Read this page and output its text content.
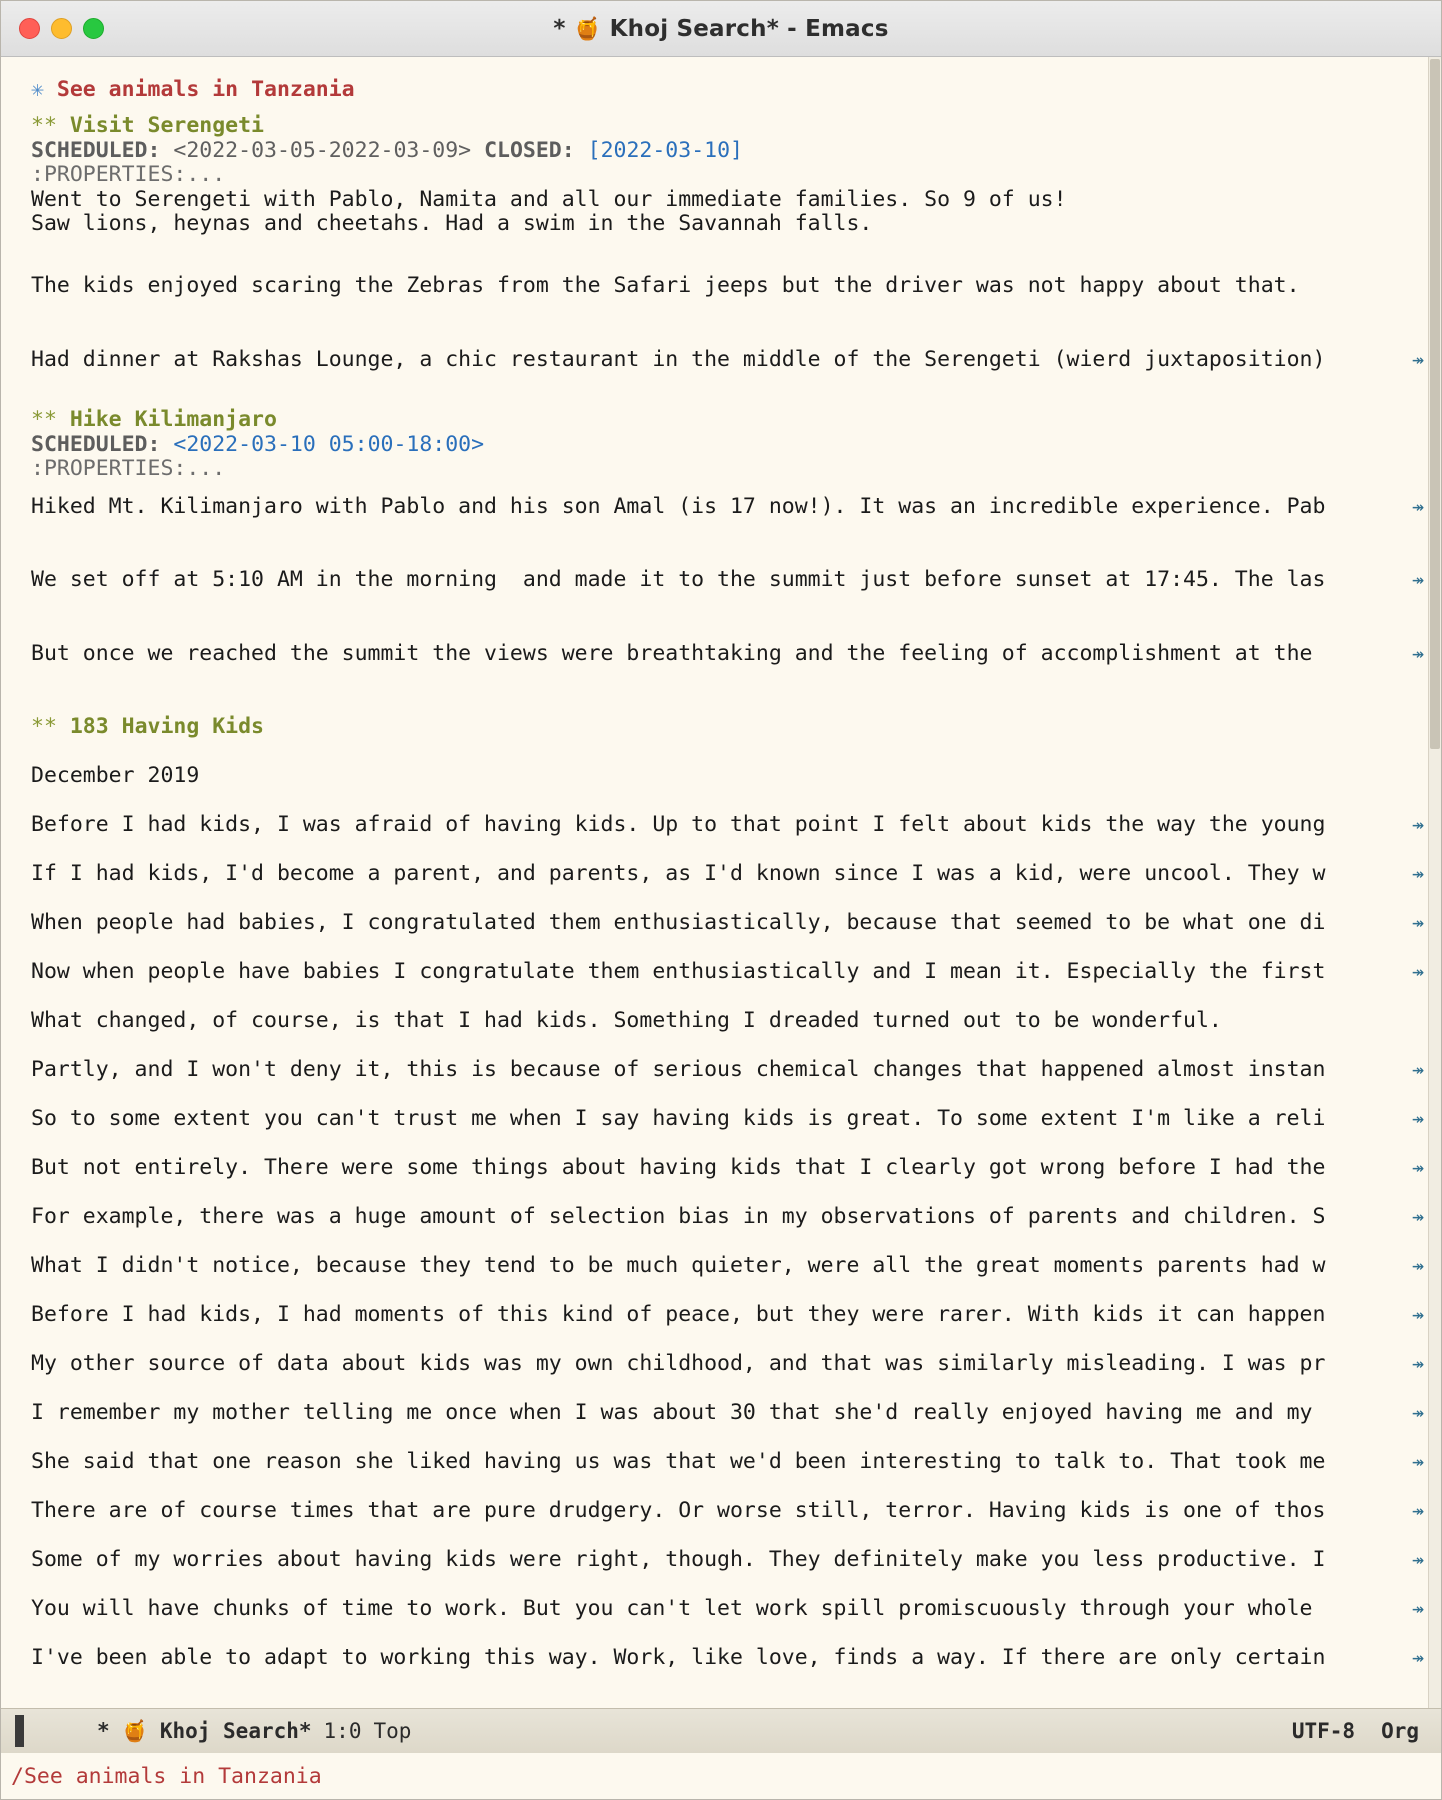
* 🍯 Khoj Search* - Emacs
✳ See animals in Tanzania
** Visit Serengeti
SCHEDULED: <2022-03-05-2022-03-09> CLOSED: [2022-03-10]
:PROPERTIES:...
Went to Serengeti with Pablo, Namita and all our immediate families. So 9 of us!
Saw lions, heynas and cheetahs. Had a swim in the Savannah falls.
The kids enjoyed scaring the Zebras from the Safari jeeps but the driver was not happy about that.
Had dinner at Rakshas Lounge, a chic restaurant in the middle of the Serengeti (wierd juxtaposition) ↠
** Hike Kilimanjaro
SCHEDULED: <2022-03-10 05:00-18:00>
:PROPERTIES:...
Hiked Mt. Kilimanjaro with Pablo and his son Amal (is 17 now!). It was an incredible experience. Pab ↠
We set off at 5:10 AM in the morning  and made it to the summit just before sunset at 17:45. The las ↠
But once we reached the summit the views were breathtaking and the feeling of accomplishment at the  ↠
** 183 Having Kids
December 2019
Before I had kids, I was afraid of having kids. Up to that point I felt about kids the way the young ↠
If I had kids, I'd become a parent, and parents, as I'd known since I was a kid, were uncool. They w ↠
When people had babies, I congratulated them enthusiastically, because that seemed to be what one di ↠
Now when people have babies I congratulate them enthusiastically and I mean it. Especially the first ↠
What changed, of course, is that I had kids. Something I dreaded turned out to be wonderful.
Partly, and I won't deny it, this is because of serious chemical changes that happened almost instan ↠
So to some extent you can't trust me when I say having kids is great. To some extent I'm like a reli ↠
But not entirely. There were some things about having kids that I clearly got wrong before I had the ↠
For example, there was a huge amount of selection bias in my observations of parents and children. S ↠
What I didn't notice, because they tend to be much quieter, were all the great moments parents had w ↠
Before I had kids, I had moments of this kind of peace, but they were rarer. With kids it can happen ↠
My other source of data about kids was my own childhood, and that was similarly misleading. I was pr ↠
I remember my mother telling me once when I was about 30 that she'd really enjoyed having me and my  ↠
She said that one reason she liked having us was that we'd been interesting to talk to. That took me ↠
There are of course times that are pure drudgery. Or worse still, terror. Having kids is one of thos ↠
Some of my worries about having kids were right, though. They definitely make you less productive. I ↠
You will have chunks of time to work. But you can't let work spill promiscuously through your whole  ↠
I've been able to adapt to working this way. Work, like love, finds a way. If there are only certain ↠
* 🍯 Khoj Search* 1:0 Top	UTF-8 Org
/See animals in Tanzania
